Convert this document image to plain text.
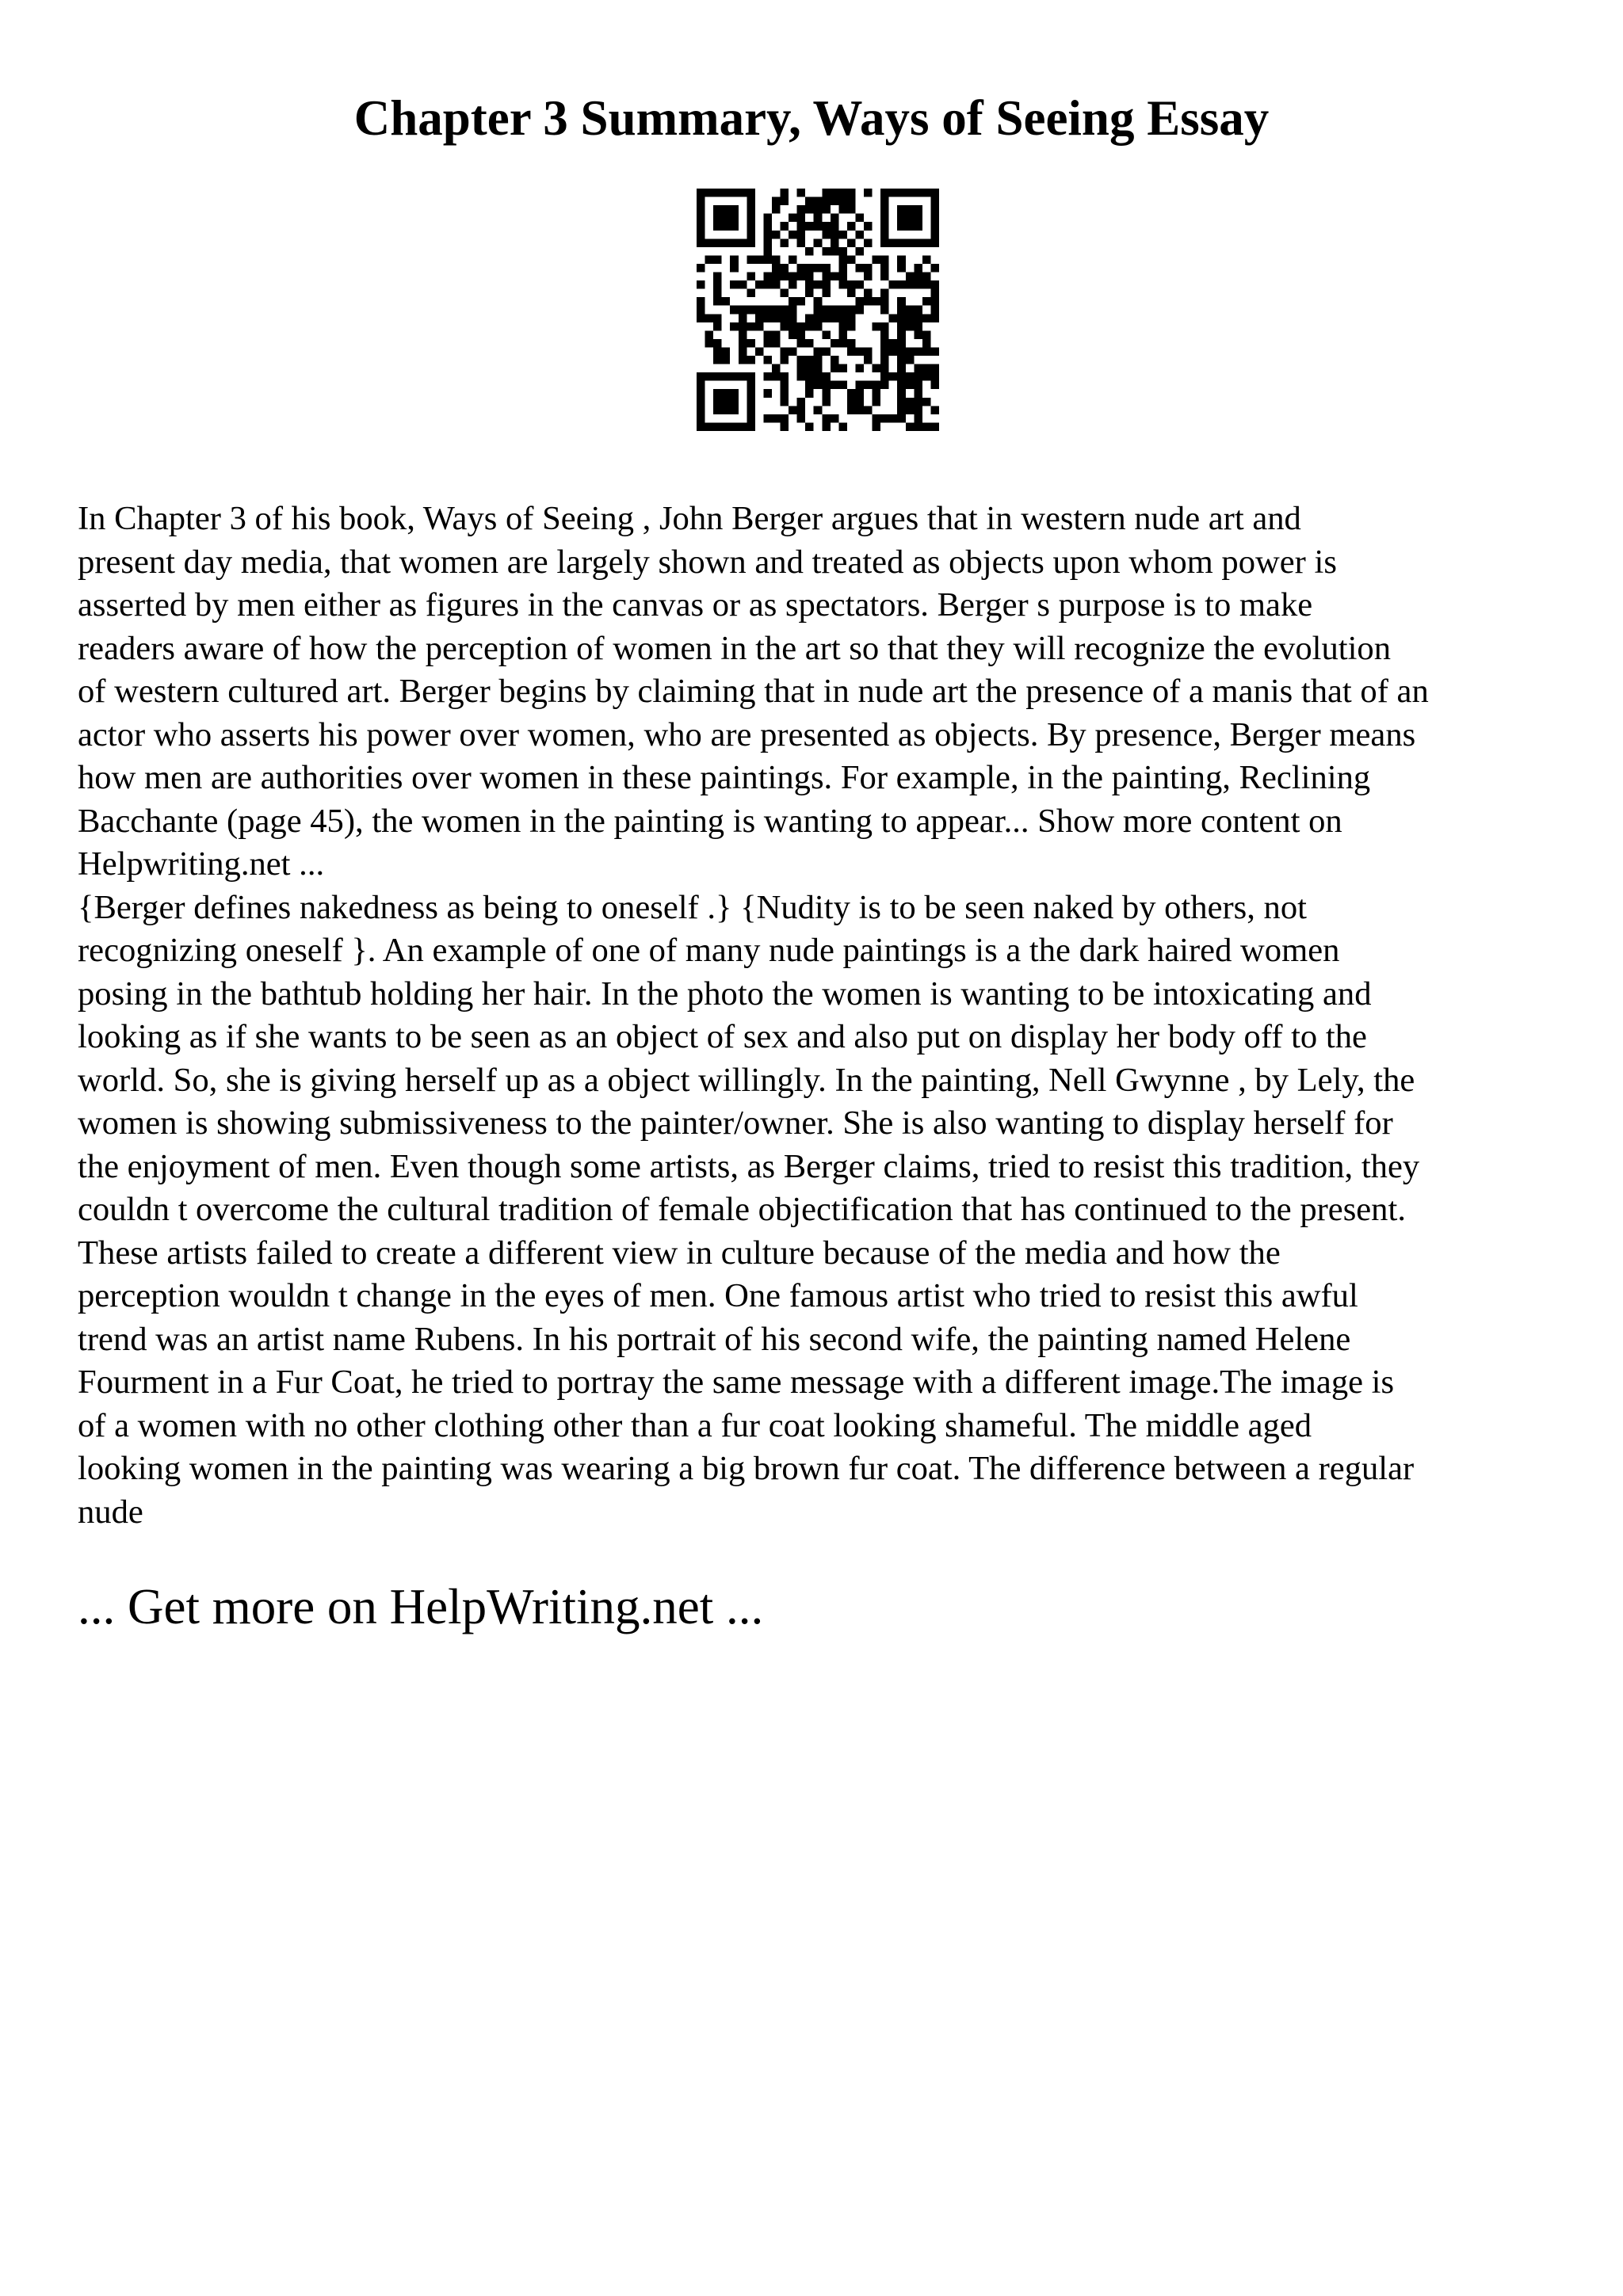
Chapter 3 Summary, Ways of Seeing Essay

In Chapter 3 of his book, Ways of Seeing , John Berger argues that in western nude art and
present day media, that women are largely shown and treated as objects upon whom power is
asserted by men either as figures in the canvas or as spectators. Berger s purpose is to make
readers aware of how the perception of women in the art so that they will recognize the evolution
of western cultured art. Berger begins by claiming that in nude art the presence of a manis that of an
actor who asserts his power over women, who are presented as objects. By presence, Berger means
how men are authorities over women in these paintings. For example, in the painting, Reclining
Bacchante (page 45), the women in the painting is wanting to appear... Show more content on
Helpwriting.net ...
{Berger defines nakedness as being to oneself .} {Nudity is to be seen naked by others, not
recognizing oneself }. An example of one of many nude paintings is a the dark haired women
posing in the bathtub holding her hair. In the photo the women is wanting to be intoxicating and
looking as if she wants to be seen as an object of sex and also put on display her body off to the
world. So, she is giving herself up as a object willingly. In the painting, Nell Gwynne , by Lely, the
women is showing submissiveness to the painter/owner. She is also wanting to display herself for
the enjoyment of men. Even though some artists, as Berger claims, tried to resist this tradition, they
couldn t overcome the cultural tradition of female objectification that has continued to the present.
These artists failed to create a different view in culture because of the media and how the
perception wouldn t change in the eyes of men. One famous artist who tried to resist this awful
trend was an artist name Rubens. In his portrait of his second wife, the painting named Helene
Fourment in a Fur Coat, he tried to portray the same message with a different image.The image is
of a women with no other clothing other than a fur coat looking shameful. The middle aged
looking women in the painting was wearing a big brown fur coat. The difference between a regular
nude

... Get more on HelpWriting.net ...
